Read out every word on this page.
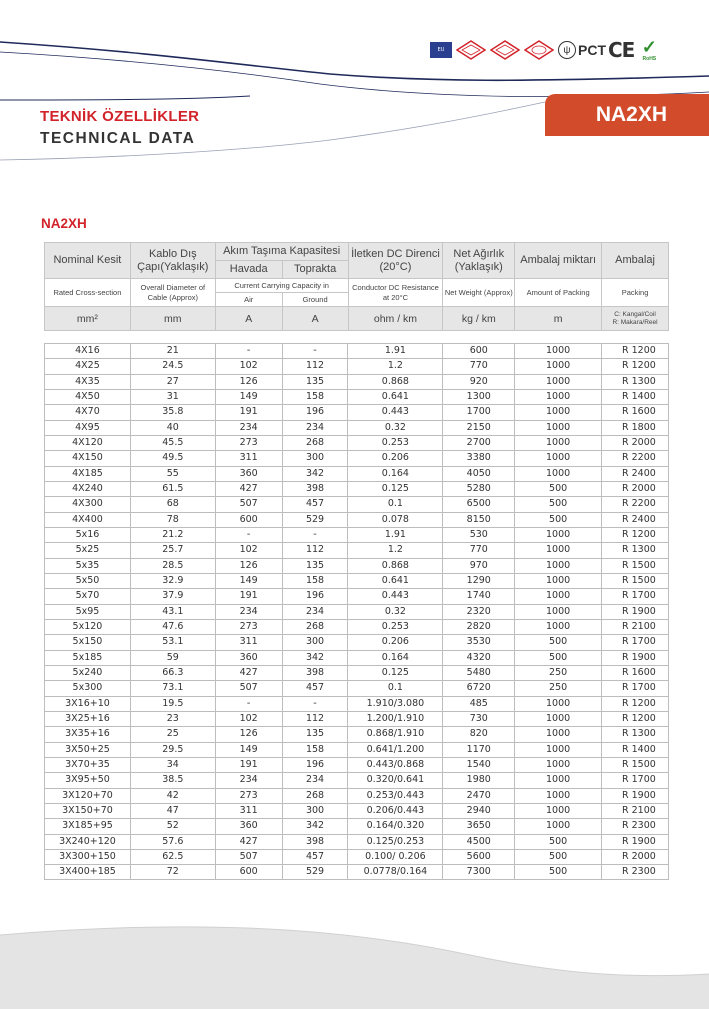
EU	ψ PCT CE ✓
RoHS
TEKNİK ÖZELLİKLER
TECHNICAL DATA
NA2XH
NA2XH
Nominal Kesit	Kablo Dış Çapı(Yaklaşık)	Akım Taşıma Kapasitesi		İletken DC Direnci (20°C)	Net Ağırlık (Yaklaşık)	Ambalaj miktarı	Ambalaj
		Havada	Toprakta				
Rated Cross-section	Overall Diameter of Cable (Approx)	Current Carrying Capacity in		Conductor DC Resistance at 20°C	Net Weight (Approx)	Amount of Packing	Packing
		Air	Ground				
mm²	mm	A	A	ohm / km	kg / km	m	C: Kangal/Coil
R: Makara/Reel
4X16	21	-	-	1.91	600	1000	R 1200
4X25	24.5	102	112	1.2	770	1000	R 1200
4X35	27	126	135	0.868	920	1000	R 1300
4X50	31	149	158	0.641	1300	1000	R 1400
4X70	35.8	191	196	0.443	1700	1000	R 1600
4X95	40	234	234	0.32	2150	1000	R 1800
4X120	45.5	273	268	0.253	2700	1000	R 2000
4X150	49.5	311	300	0.206	3380	1000	R 2200
4X185	55	360	342	0.164	4050	1000	R 2400
4X240	61.5	427	398	0.125	5280	500	R 2000
4X300	68	507	457	0.1	6500	500	R 2200
4X400	78	600	529	0.078	8150	500	R 2400
5x16	21.2	-	-	1.91	530	1000	R 1200
5x25	25.7	102	112	1.2	770	1000	R 1300
5x35	28.5	126	135	0.868	970	1000	R 1500
5x50	32.9	149	158	0.641	1290	1000	R 1500
5x70	37.9	191	196	0.443	1740	1000	R 1700
5x95	43.1	234	234	0.32	2320	1000	R 1900
5x120	47.6	273	268	0.253	2820	1000	R 2100
5x150	53.1	311	300	0.206	3530	500	R 1700
5x185	59	360	342	0.164	4320	500	R 1900
5x240	66.3	427	398	0.125	5480	250	R 1600
5x300	73.1	507	457	0.1	6720	250	R 1700
3X16+10	19.5	-	-	1.910/3.080	485	1000	R 1200
3X25+16	23	102	112	1.200/1.910	730	1000	R 1200
3X35+16	25	126	135	0.868/1.910	820	1000	R 1300
3X50+25	29.5	149	158	0.641/1.200	1170	1000	R 1400
3X70+35	34	191	196	0.443/0.868	1540	1000	R 1500
3X95+50	38.5	234	234	0.320/0.641	1980	1000	R 1700
3X120+70	42	273	268	0.253/0.443	2470	1000	R 1900
3X150+70	47	311	300	0.206/0.443	2940	1000	R 2100
3X185+95	52	360	342	0.164/0.320	3650	1000	R 2300
3X240+120	57.6	427	398	0.125/0.253	4500	500	R 1900
3X300+150	62.5	507	457	0.100/ 0.206	5600	500	R 2000
3X400+185	72	600	529	0.0778/0.164	7300	500	R 2300
